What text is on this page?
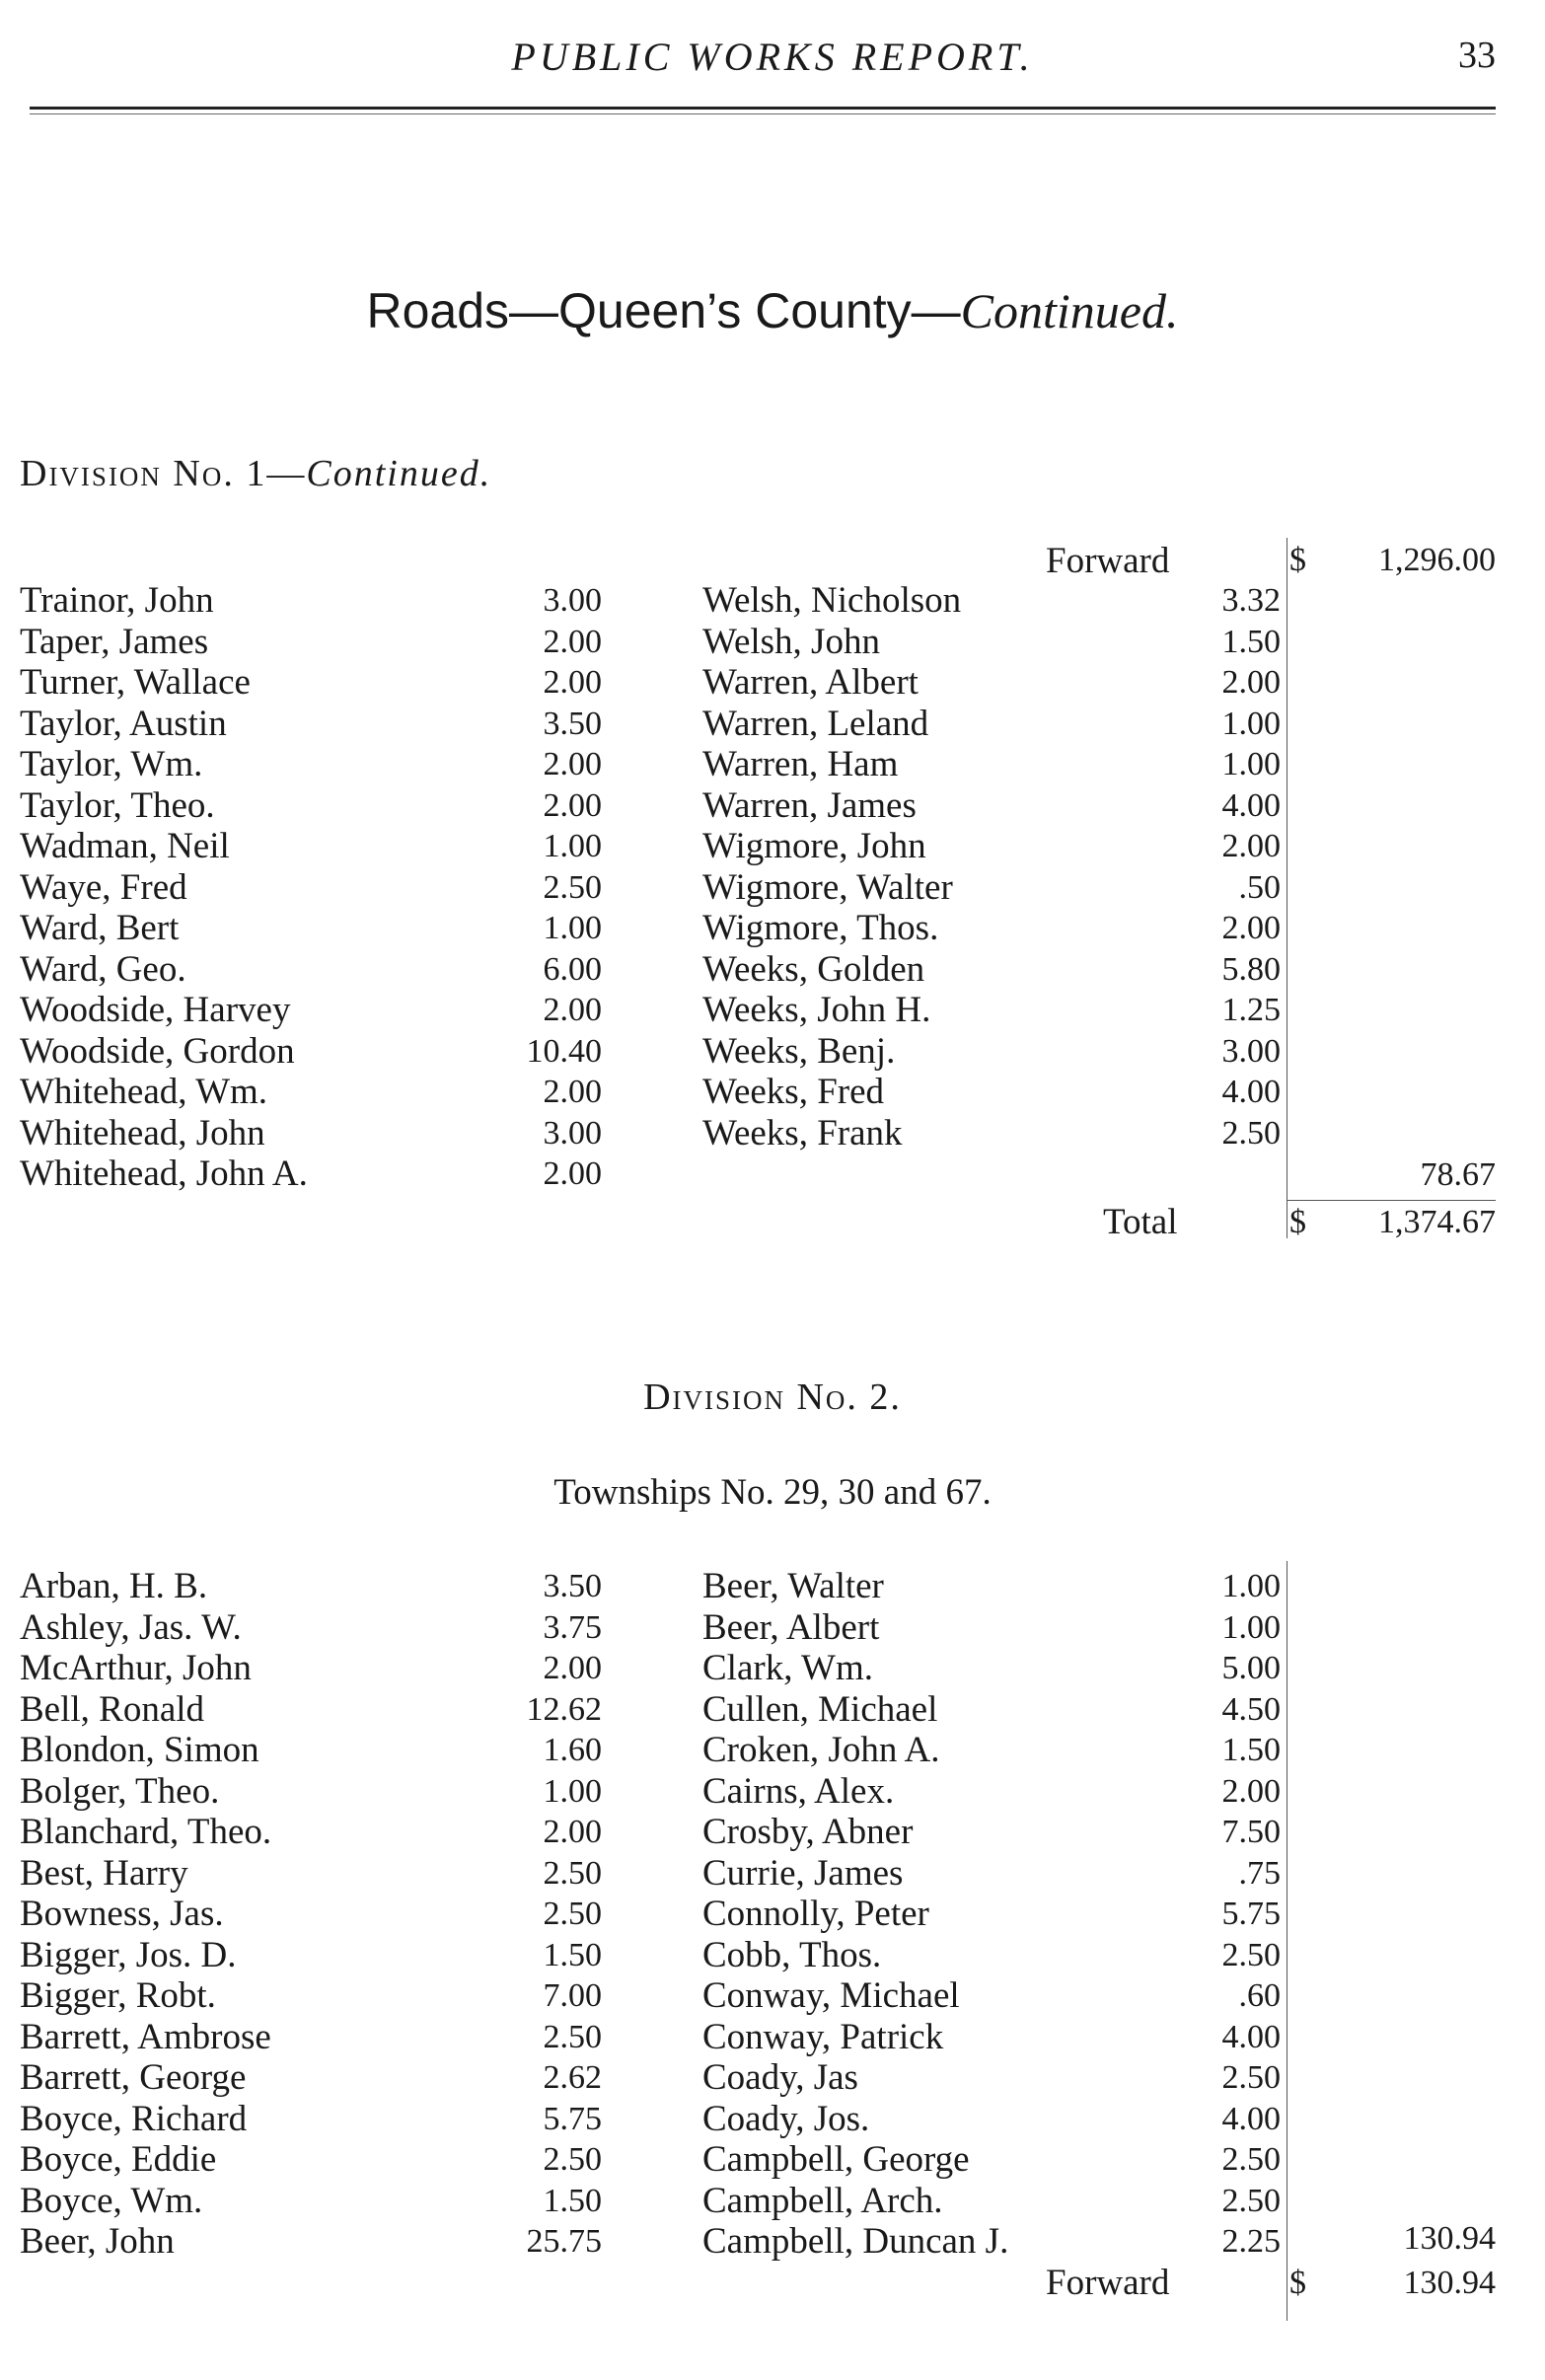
PUBLIC WORKS REPORT.	33
Roads—Queen’s County—Continued.
Division No. 1—Continued.
Forward	$	1,296.00
Trainor, John	3.00
Taper, James	2.00
Turner, Wallace	2.00
Taylor, Austin	3.50
Taylor, Wm.	2.00
Taylor, Theo.	2.00
Wadman, Neil	1.00
Waye, Fred	2.50
Ward, Bert	1.00
Ward, Geo.	6.00
Woodside, Harvey	2.00
Woodside, Gordon	10.40
Whitehead, Wm.	2.00
Whitehead, John	3.00
Whitehead, John A.	2.00
Welsh, Nicholson	3.32
Welsh, John	1.50
Warren, Albert	2.00
Warren, Leland	1.00
Warren, Ham	1.00
Warren, James	4.00
Wigmore, John	2.00
Wigmore, Walter	.50
Wigmore, Thos.	2.00
Weeks, Golden	5.80
Weeks, John H.	1.25
Weeks, Benj.	3.00
Weeks, Fred	4.00
Weeks, Frank	2.50
78.67
Total	$	1,374.67
Division No. 2.
Townships No. 29, 30 and 67.
Arban, H. B.	3.50
Ashley, Jas. W.	3.75
McArthur, John	2.00
Bell, Ronald	12.62
Blondon, Simon	1.60
Bolger, Theo.	1.00
Blanchard, Theo.	2.00
Best, Harry	2.50
Bowness, Jas.	2.50
Bigger, Jos. D.	1.50
Bigger, Robt.	7.00
Barrett, Ambrose	2.50
Barrett, George	2.62
Boyce, Richard	5.75
Boyce, Eddie	2.50
Boyce, Wm.	1.50
Beer, John	25.75
Beer, Walter	1.00
Beer, Albert	1.00
Clark, Wm.	5.00
Cullen, Michael	4.50
Croken, John A.	1.50
Cairns, Alex.	2.00
Crosby, Abner	7.50
Currie, James	.75
Connolly, Peter	5.75
Cobb, Thos.	2.50
Conway, Michael	.60
Conway, Patrick	4.00
Coady, Jas	2.50
Coady, Jos.	4.00
Campbell, George	2.50
Campbell, Arch.	2.50
Campbell, Duncan J.	2.25	130.94
Forward	$	130.94
